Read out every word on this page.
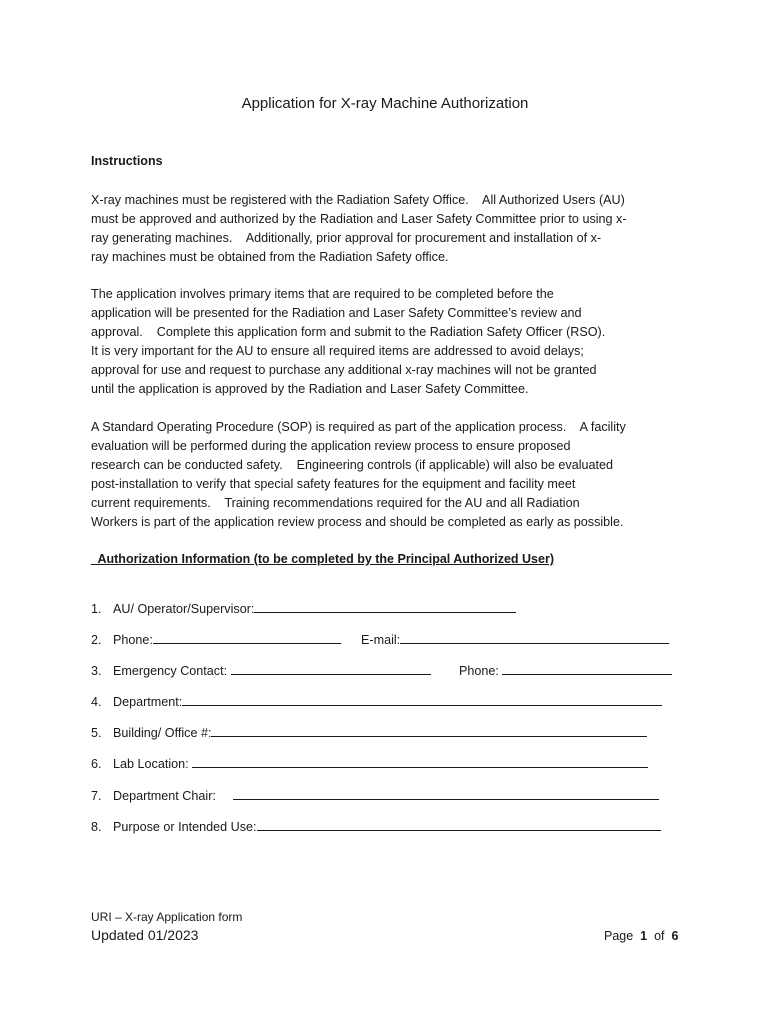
Application for X-ray Machine Authorization
Instructions
X-ray machines must be registered with the Radiation Safety Office.    All Authorized Users (AU)
must be approved and authorized by the Radiation and Laser Safety Committee prior to using x-
ray generating machines.    Additionally, prior approval for procurement and installation of x-
ray machines must be obtained from the Radiation Safety office.
The application involves primary items that are required to be completed before the
application will be presented for the Radiation and Laser Safety Committee’s review and
approval.    Complete this application form and submit to the Radiation Safety Officer (RSO).
It is very important for the AU to ensure all required items are addressed to avoid delays;
approval for use and request to purchase any additional x-ray machines will not be granted
until the application is approved by the Radiation and Laser Safety Committee.
A Standard Operating Procedure (SOP) is required as part of the application process.    A facility
evaluation will be performed during the application review process to ensure proposed
research can be conducted safety.    Engineering controls (if applicable) will also be evaluated
post-installation to verify that special safety features for the equipment and facility meet
current requirements.    Training recommendations required for the AU and all Radiation
Workers is part of the application review process and should be completed as early as possible.
Authorization Information (to be completed by the Principal Authorized User)
1. AU/ Operator/Supervisor:
2. Phone:	E-mail:
3. Emergency Contact:	Phone:
4. Department:
5. Building/ Office #:
6. Lab Location:
7. Department Chair:
8. Purpose or Intended Use:
URI – X-ray Application form
Updated 01/2023	Page 1 of 6
